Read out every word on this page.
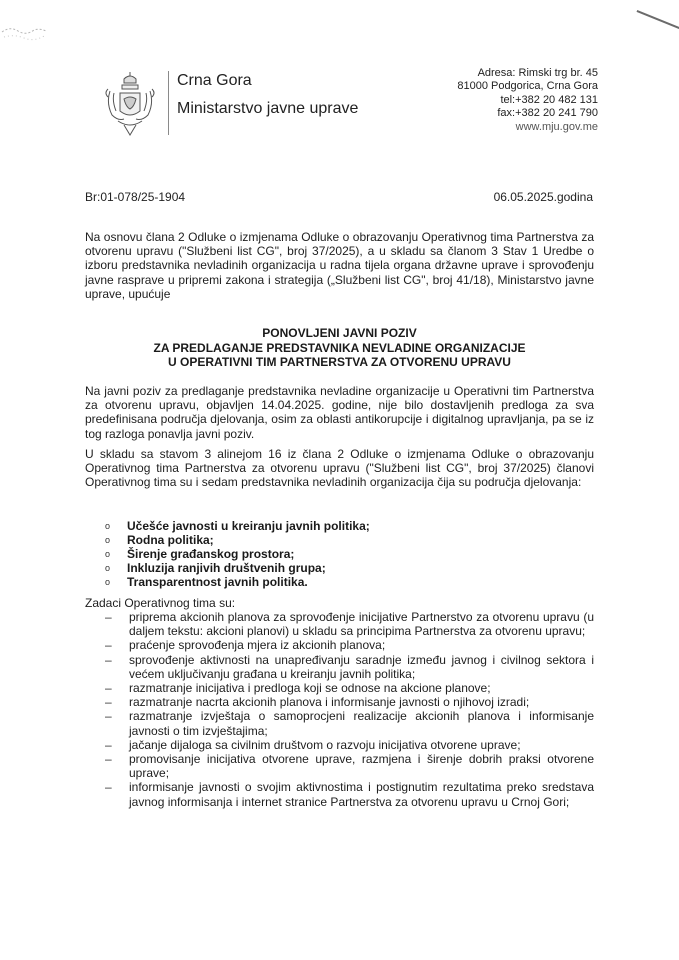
Crna Gora
Ministarstvo javne uprave
Adresa: Rimski trg br. 45
81000 Podgorica, Crna Gora
tel:+382 20 482 131
fax:+382 20 241 790
www.mju.gov.me
Br:01-078/25-1904	06.05.2025.godina
Na osnovu člana 2 Odluke o izmjenama Odluke o obrazovanju Operativnog tima Partnerstva za otvorenu upravu ("Službeni list CG", broj 37/2025), a u skladu sa članom 3 Stav 1 Uredbe o izboru predstavnika nevladinih organizacija u radna tijela organa državne uprave i sprovođenju javne rasprave u pripremi zakona i strategija („Službeni list CG", broj 41/18), Ministarstvo javne uprave, upućuje
PONOVLJENI JAVNI POZIV
ZA PREDLAGANJE PREDSTAVNIKA NEVLADINE ORGANIZACIJE
U OPERATIVNI TIM PARTNERSTVA ZA OTVORENU UPRAVU
Na javni poziv za predlaganje predstavnika nevladine organizacije u Operativni tim Partnerstva za otvorenu upravu, objavljen 14.04.2025. godine, nije bilo dostavljenih predloga za sva predefinisana područja djelovanja, osim za oblasti antikorupcije i digitalnog upravljanja, pa se iz tog razloga ponavlja javni poziv.
U skladu sa stavom 3 alinejom 16 iz člana 2 Odluke o izmjenama Odluke o obrazovanju Operativnog tima Partnerstva za otvorenu upravu ("Službeni list CG", broj 37/2025) članovi Operativnog tima su i sedam predstavnika nevladinih organizacija čija su područja djelovanja:
o	Učešće javnosti u kreiranju javnih politika;
o	Rodna politika;
o	Širenje građanskog prostora;
o	Inkluzija ranjivih društvenih grupa;
o	Transparentnost javnih politika.
Zadaci Operativnog tima su:
–	priprema akcionih planova za sprovođenje inicijative Partnerstvo za otvorenu upravu (u daljem tekstu: akcioni planovi) u skladu sa principima Partnerstva za otvorenu upravu;
–	praćenje sprovođenja mjera iz akcionih planova;
–	sprovođenje aktivnosti na unapređivanju saradnje između javnog i civilnog sektora i većem uključivanju građana u kreiranju javnih politika;
–	razmatranje inicijativa i predloga koji se odnose na akcione planove;
–	razmatranje nacrta akcionih planova i informisanje javnosti o njihovoj izradi;
–	razmatranje izvještaja o samoprocjeni realizacije akcionih planova i informisanje javnosti o tim izvještajima;
–	jačanje dijaloga sa civilnim društvom o razvoju inicijativa otvorene uprave;
–	promovisanje inicijativa otvorene uprave, razmjena i širenje dobrih praksi otvorene uprave;
–	informisanje javnosti o svojim aktivnostima i postignutim rezultatima preko sredstava javnog informisanja i internet stranice Partnerstva za otvorenu upravu u Crnoj Gori;
